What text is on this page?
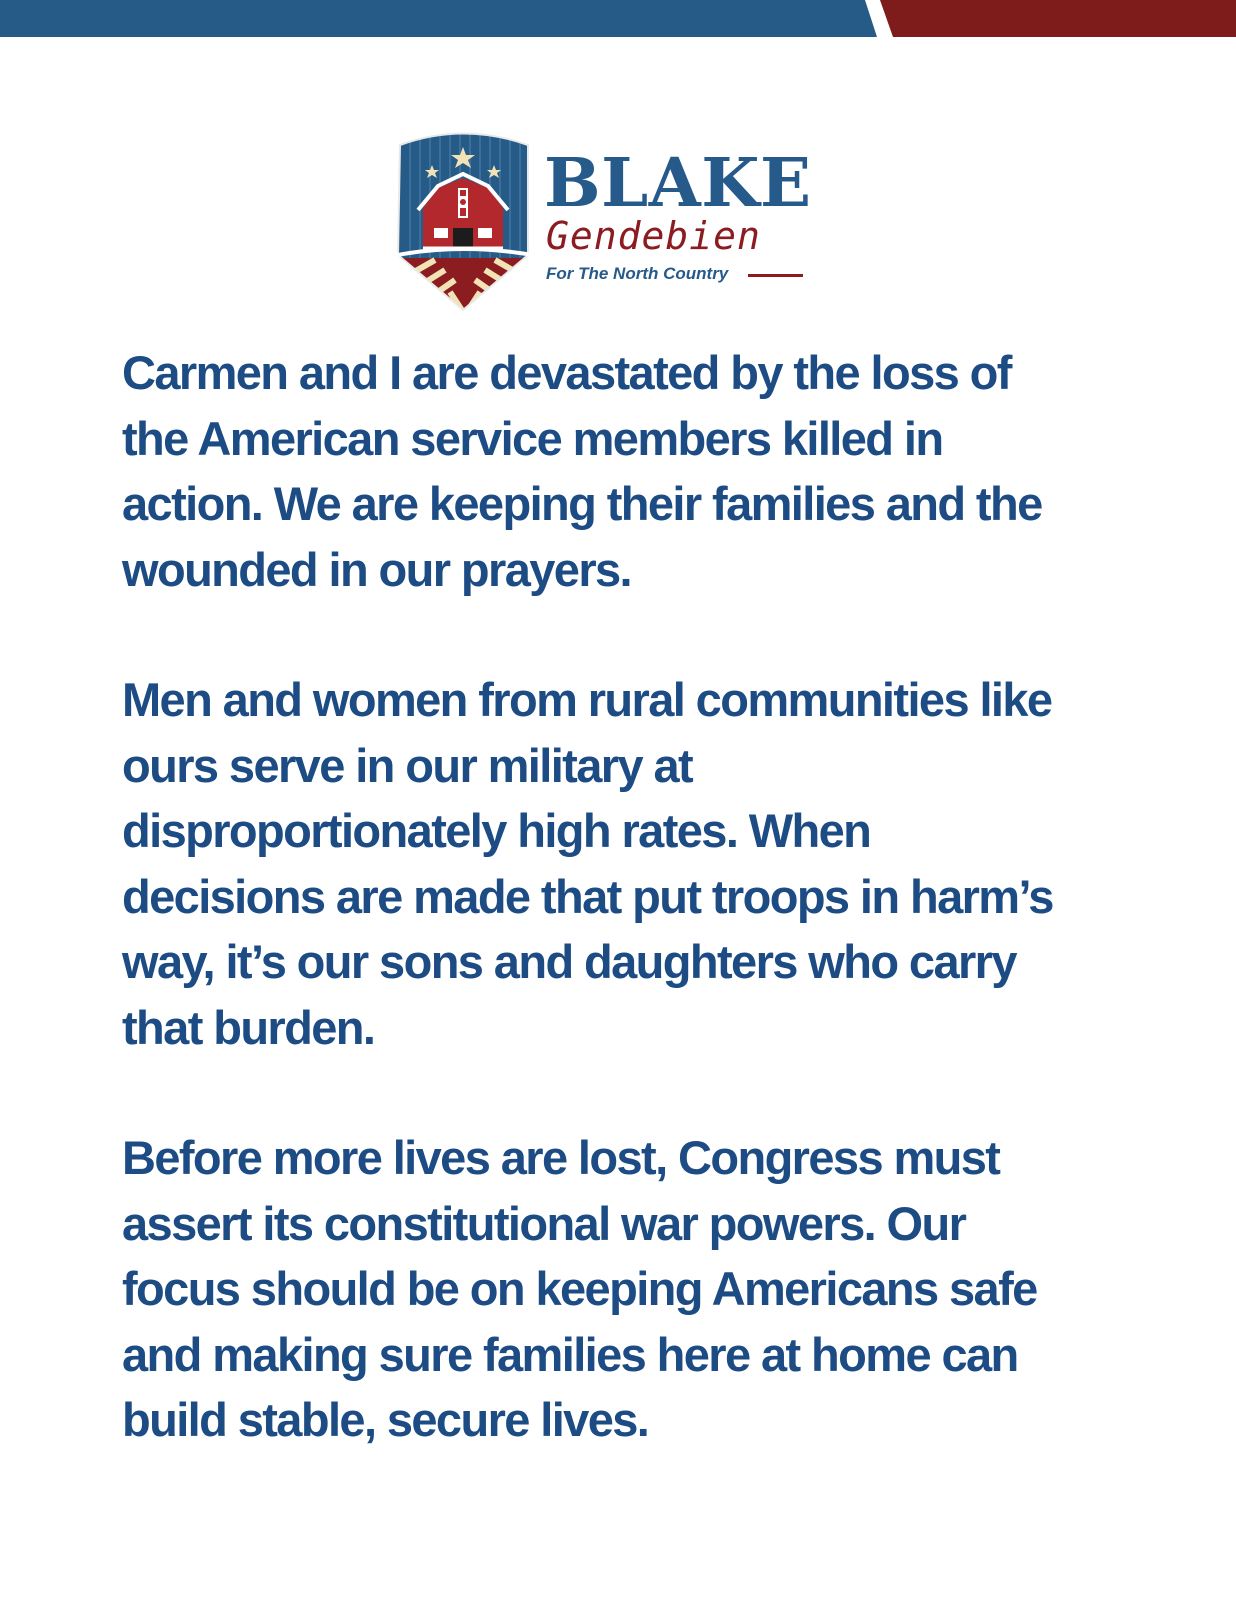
BLAKE

Gendebien

For The North Country

Carmen and I are devastated by the loss of
the American service members killed in
action. We are keeping their families and the
wounded in our prayers.

Men and women from rural communities like
ours serve in our military at
disproportionately high rates. When
decisions are made that put troops in harm’s
way, it’s our sons and daughters who carry
that burden.

Before more lives are lost, Congress must
assert its constitutional war powers. Our
focus should be on keeping Americans safe
and making sure families here at home can
build stable, secure lives.
